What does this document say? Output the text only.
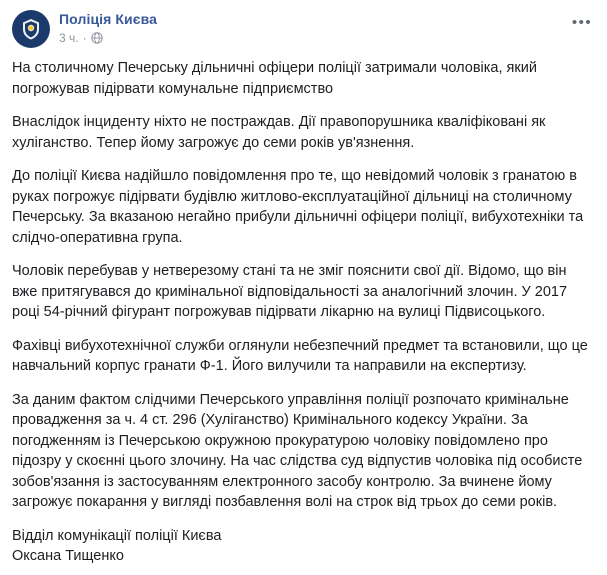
Поліція Києва
3 ч. ·
•••

На столичному Печерську дільничні офіцери поліції затримали чоловіка, який погрожував підірвати комунальне підприємство

Внаслідок інциденту ніхто не постраждав. Дії правопорушника кваліфіковані як хуліганство. Тепер йому загрожує до семи років ув'язнення.

До поліції Києва надійшло повідомлення про те, що невідомий чоловік з гранатою в руках погрожує підірвати будівлю житлово-експлуатаційної дільниці на столичному Печерську. За вказаною негайно прибули дільничні офіцери поліції, вибухотехніки та слідчо-оперативна група.

Чоловік перебував у нетверезому стані та не зміг пояснити свої дії. Відомо, що він вже притягувався до кримінальної відповідальності за аналогічний злочин. У 2017 році 54-річний фігурант погрожував підірвати лікарню на вулиці Підвисоцького.

Фахівці вибухотехнічної служби оглянули небезпечний предмет та встановили, що це навчальний корпус гранати Ф-1. Його вилучили та направили на експертизу.

За даним фактом слідчими Печерського управління поліції розпочато кримінальне провадження за ч. 4 ст. 296 (Хуліганство) Кримінального кодексу України. За погодженням із Печерською окружною прокуратурою чоловіку повідомлено про підозру у скоєнні цього злочину. На час слідства суд відпустив чоловіка під особисте зобов'язання із застосуванням електронного засобу контролю. За вчинене йому загрожує покарання у вигляді позбавлення волі на строк від трьох до семи років.

Відділ комунікації поліції Києва
Оксана Тищенко
